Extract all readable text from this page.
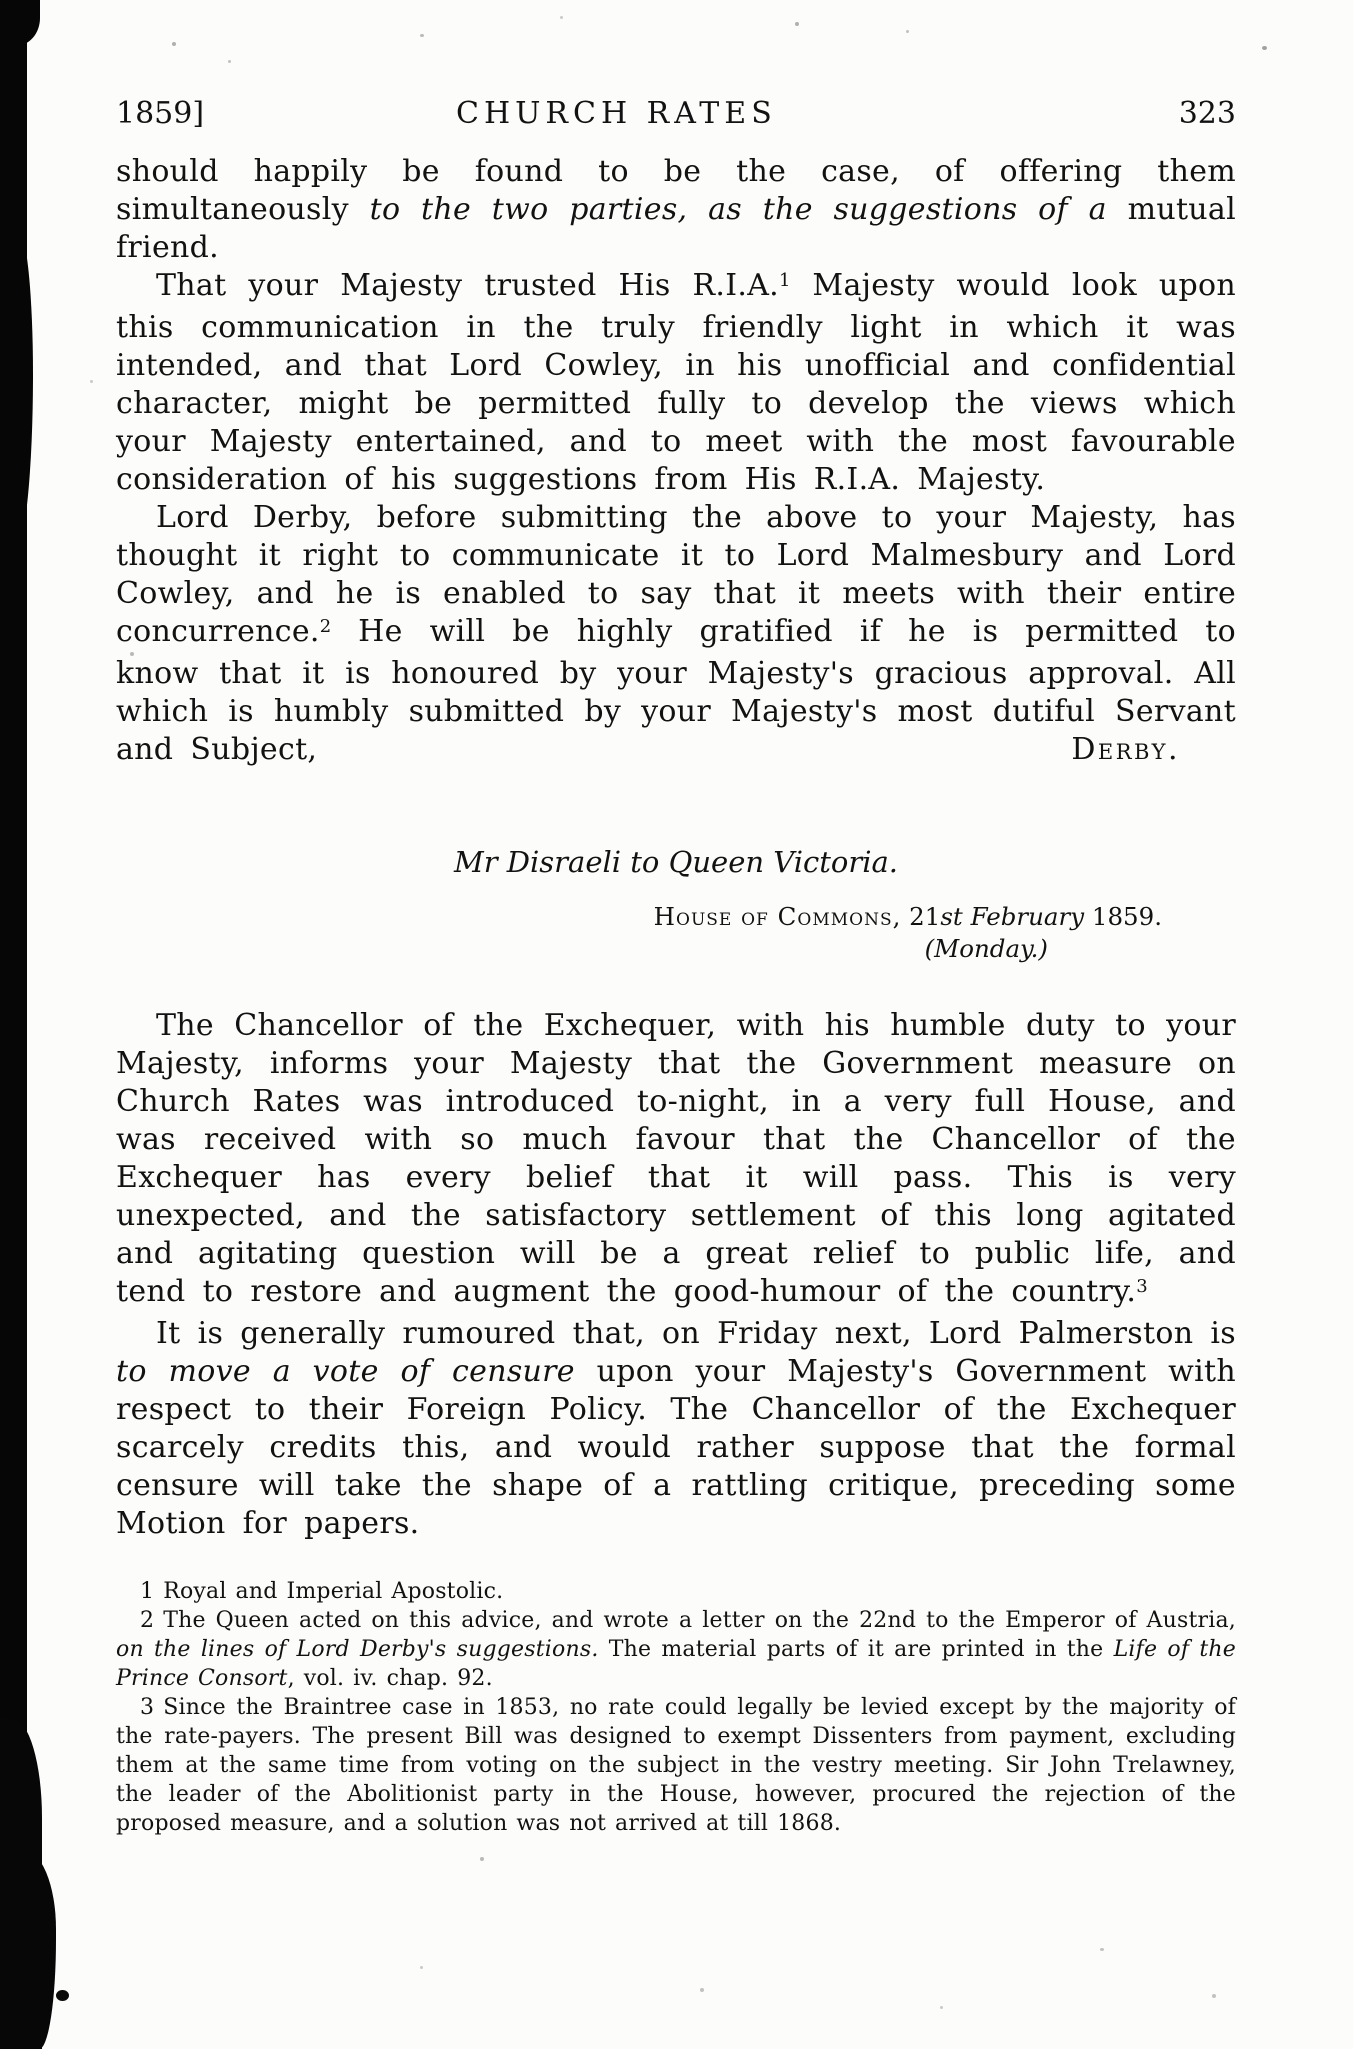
1859]	CHURCH RATES	323

should happily be found to be the case, of offering them simultaneously to the two parties, as the suggestions of a mutual friend.

That your Majesty trusted His R.I.A.$^1$ Majesty would look upon this communication in the truly friendly light in which it was intended, and that Lord Cowley, in his unofficial and confidential character, might be permitted fully to develop the views which your Majesty entertained, and to meet with the most favourable consideration of his suggestions from His R.I.A. Majesty.

Lord Derby, before submitting the above to your Majesty, has thought it right to communicate it to Lord Malmesbury and Lord Cowley, and he is enabled to say that it meets with their entire concurrence.$^2$ He will be highly gratified if he is permitted to know that it is honoured by your Majesty's gracious approval. All which is humbly submitted by your Majesty's most dutiful Servant and Subject,	Derby.

Mr Disraeli to Queen Victoria.
House of Commons, 21st February 1859.
(Monday.)

The Chancellor of the Exchequer, with his humble duty to your Majesty, informs your Majesty that the Government measure on Church Rates was introduced to-night, in a very full House, and was received with so much favour that the Chancellor of the Exchequer has every belief that it will pass. This is very unexpected, and the satisfactory settlement of this long agitated and agitating question will be a great relief to public life, and tend to restore and augment the good-humour of the country.$^3$

It is generally rumoured that, on Friday next, Lord Palmerston is to move a vote of censure upon your Majesty's Government with respect to their Foreign Policy. The Chancellor of the Exchequer scarcely credits this, and would rather suppose that the formal censure will take the shape of a rattling critique, preceding some Motion for papers.

1 Royal and Imperial Apostolic.

2 The Queen acted on this advice, and wrote a letter on the 22nd to the Emperor of Austria, on the lines of Lord Derby's suggestions. The material parts of it are printed in the Life of the Prince Consort, vol. iv. chap. 92.

3 Since the Braintree case in 1853, no rate could legally be levied except by the majority of the rate-payers. The present Bill was designed to exempt Dissenters from payment, excluding them at the same time from voting on the subject in the vestry meeting. Sir John Trelawney, the leader of the Abolitionist party in the House, however, procured the rejection of the proposed measure, and a solution was not arrived at till 1868.
